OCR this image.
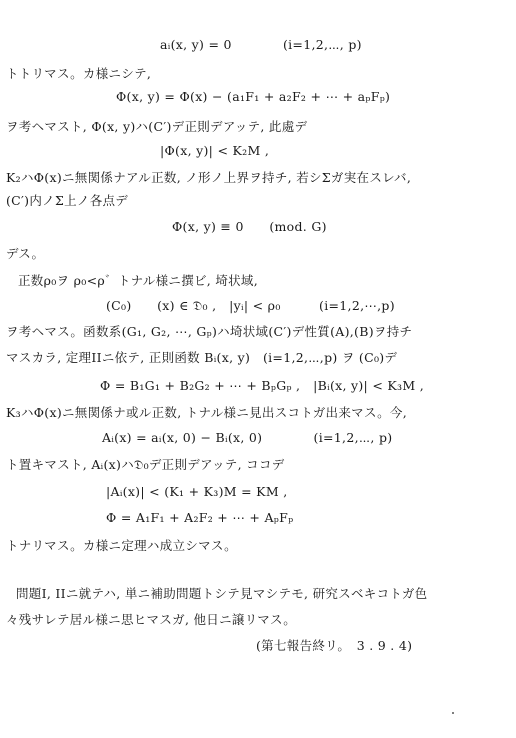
aᵢ(x, y) = 0　　　　(i=1,2,⋯, p)
トトリマス。カ様ニシテ,
Φ(x, y) = Φ(x) − (a₁F₁ + a₂F₂ + ⋯ + aₚFₚ)
ヲ考ヘマスト, Φ(x, y)ハ(C′)デ正則デアッテ, 此處デ
|Φ(x, y)| < K₂M ,
K₂ハΦ(x)ニ無関係ナアル正数, ノ形ノ上界ヲ持チ, 若シΣガ実在スレバ,
(C′)内ノΣ上ノ各点デ
Φ(x, y) ≡ 0　　(mod. G)
デス。
正数ρ₀ヲ ρ₀<ρ゛トナル様ニ撰ビ, 埼状域,
(C₀)　　(x) ∈ 𝔇₀ ,　|yᵢ| < ρ₀　　　(i=1,2,⋯,p)
ヲ考ヘマス。函数系(G₁, G₂, ⋯, Gₚ)ハ埼状域(C′)デ性質(A),(B)ヲ持チ
マスカラ, 定理IIニ依テ, 正則函数 Bᵢ(x, y)　(i=1,2,⋯,p) ヲ (C₀)デ
Φ = B₁G₁ + B₂G₂ + ⋯ + BₚGₚ ,　|Bᵢ(x, y)| < K₃M ,
K₃ハΦ(x)ニ無関係ナ或ル正数, トナル様ニ見出スコトガ出来マス。今,
Aᵢ(x) = aᵢ(x, 0) − Bᵢ(x, 0)　　　　(i=1,2,⋯, p)
ト置キマスト, Aᵢ(x)ハ𝔇₀デ正則デアッテ, ココデ
|Aᵢ(x)| < (K₁ + K₃)M = KM ,
Φ = A₁F₁ + A₂F₂ + ⋯ + AₚFₚ
トナリマス。カ様ニ定理ハ成立シマス。
問題I, IIニ就テハ, 単ニ補助問題トシテ見マシテモ, 研究スベキコトガ色
々残サレテ居ル様ニ思ヒマスガ, 他日ニ譲リマス。
(第七報告終リ。　3 . 9 . 4)
